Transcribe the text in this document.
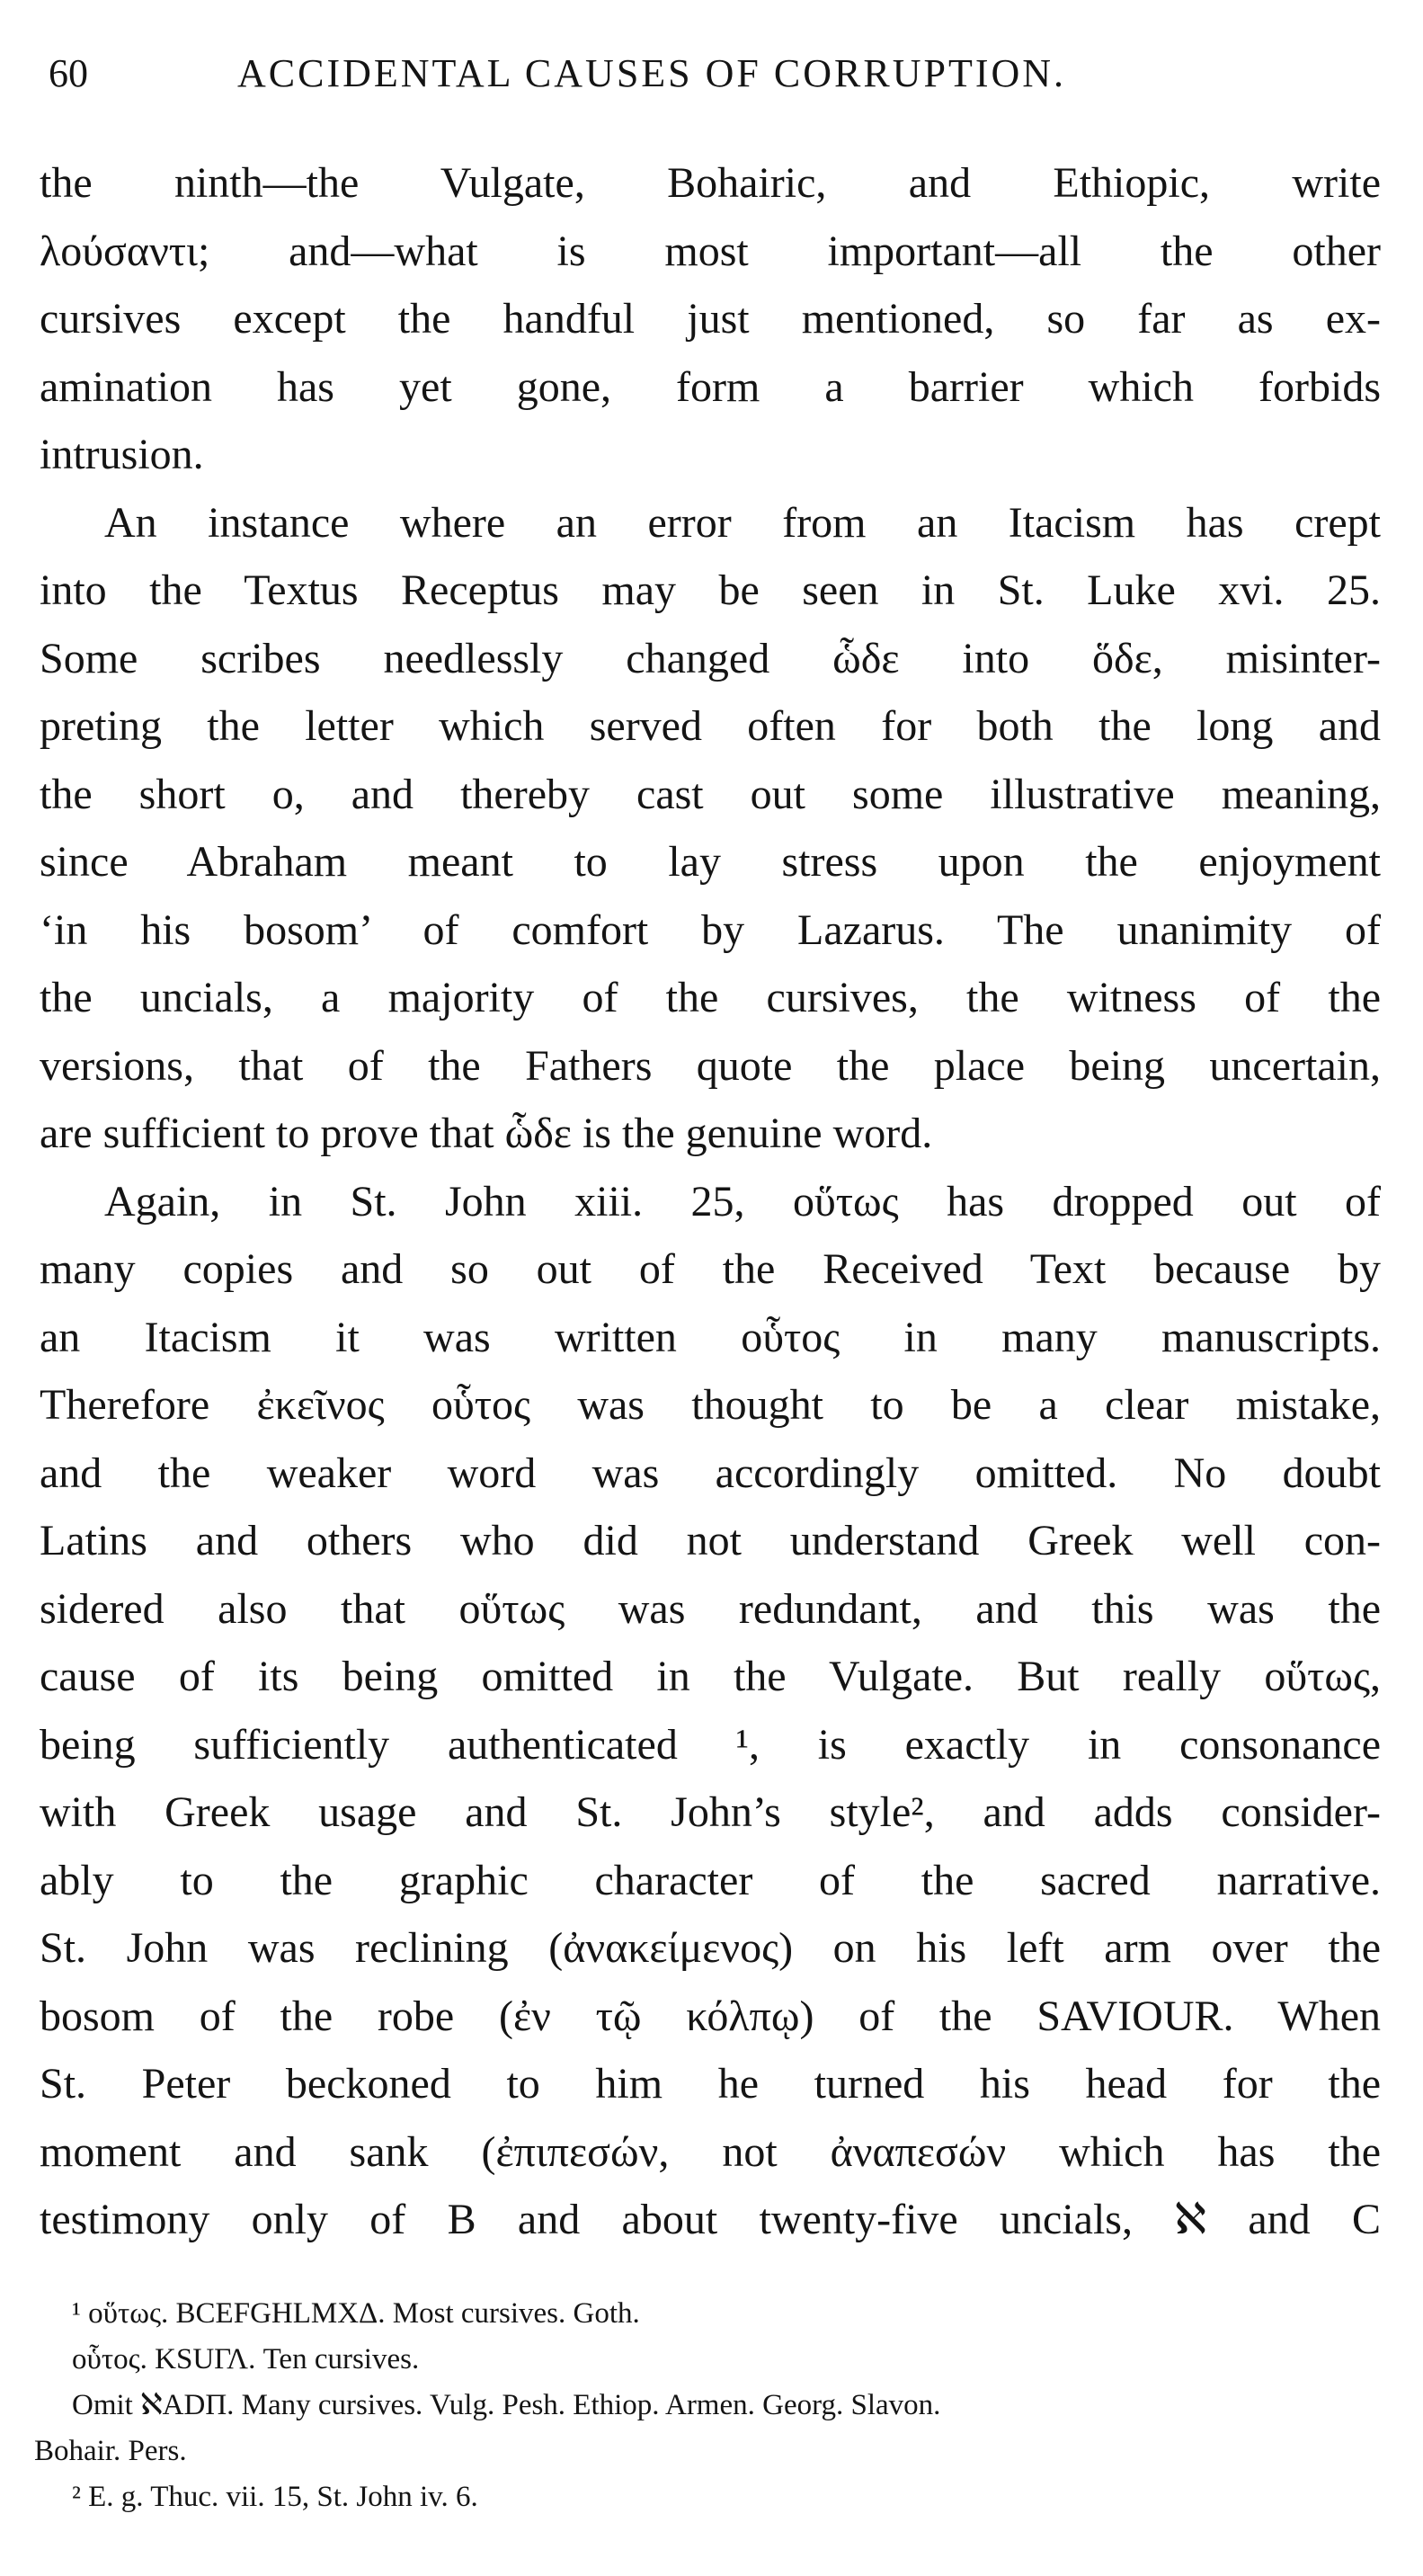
60	ACCIDENTAL CAUSES OF CORRUPTION.
the ninth—the Vulgate, Bohairic, and Ethiopic, write
λούσαντι; and—what is most important—all the other
cursives except the handful just mentioned, so far as ex-
amination has yet gone, form a barrier which forbids
intrusion.
An instance where an error from an Itacism has crept
into the Textus Receptus may be seen in St. Luke xvi. 25.
Some scribes needlessly changed ὧδε into ὅδε, misinter-
preting the letter which served often for both the long and
the short o, and thereby cast out some illustrative meaning,
since Abraham meant to lay stress upon the enjoyment
‘in his bosom’ of comfort by Lazarus. The unanimity of
the uncials, a majority of the cursives, the witness of the
versions, that of the Fathers quote the place being uncertain,
are sufficient to prove that ὧδε is the genuine word.
Again, in St. John xiii. 25, οὕτως has dropped out of
many copies and so out of the Received Text because by
an Itacism it was written οὗτος in many manuscripts.
Therefore ἐκεῖνος οὗτος was thought to be a clear mistake,
and the weaker word was accordingly omitted. No doubt
Latins and others who did not understand Greek well con-
sidered also that οὕτως was redundant, and this was the
cause of its being omitted in the Vulgate. But really οὕτως,
being sufficiently authenticated ¹, is exactly in consonance
with Greek usage and St. John’s style², and adds consider-
ably to the graphic character of the sacred narrative.
St. John was reclining (ἀνακείμενος) on his left arm over the
bosom of the robe (ἐν τῷ κόλπῳ) of the SAVIOUR. When
St. Peter beckoned to him he turned his head for the
moment and sank (ἐπιπεσών, not ἀναπεσών which has the
testimony only of B and about twenty-five uncials, ℵ and C
¹ οὕτως. BCEFGHLMXΔ. Most cursives. Goth.
οὗτος. KSUΓΛ. Ten cursives.
Omit ℵADΠ. Many cursives. Vulg. Pesh. Ethiop. Armen. Georg. Slavon.
Bohair. Pers.
² E. g. Thuc. vii. 15, St. John iv. 6.
